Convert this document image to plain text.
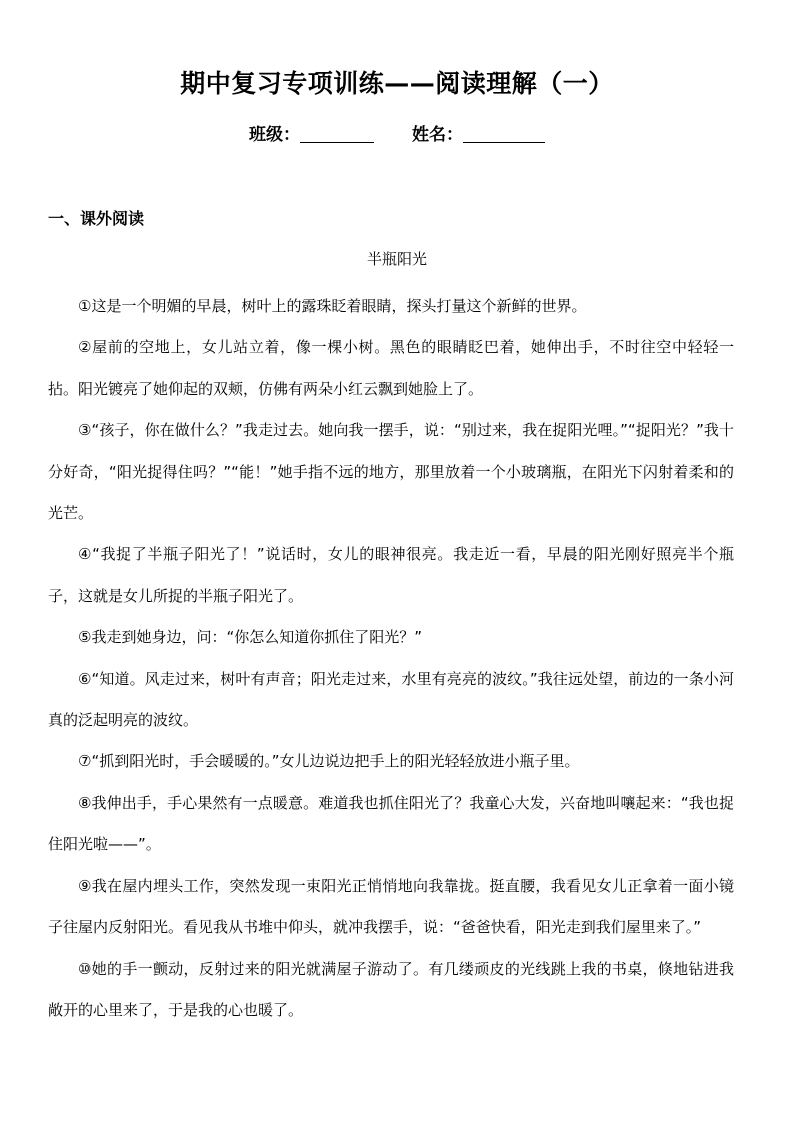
期中复习专项训练——阅读理解（一）
班级：	姓名：
一、课外阅读
半瓶阳光

①这是一个明媚的早晨，树叶上的露珠眨着眼睛，探头打量这个新鲜的世界。

②屋前的空地上，女儿站立着，像一棵小树。黑色的眼睛眨巴着，她伸出手，不时往空中轻轻一拈。阳光镀亮了她仰起的双颊，仿佛有两朵小红云飘到她脸上了。

③“孩子，你在做什么？”我走过去。她向我一摆手，说：“别过来，我在捉阳光哩。”“捉阳光？”我十分好奇，“阳光捉得住吗？”“能！”她手指不远的地方，那里放着一个小玻璃瓶，在阳光下闪射着柔和的光芒。

④“我捉了半瓶子阳光了！”说话时，女儿的眼神很亮。我走近一看，早晨的阳光刚好照亮半个瓶子，这就是女儿所捉的半瓶子阳光了。

⑤我走到她身边，问：“你怎么知道你抓住了阳光？”

⑥“知道。风走过来，树叶有声音；阳光走过来，水里有亮亮的波纹。”我往远处望，前边的一条小河真的泛起明亮的波纹。

⑦“抓到阳光时，手会暖暖的。”女儿边说边把手上的阳光轻轻放进小瓶子里。

⑧我伸出手，手心果然有一点暖意。难道我也抓住阳光了？我童心大发，兴奋地叫嚷起来：“我也捉住阳光啦——”。

⑨我在屋内埋头工作，突然发现一束阳光正悄悄地向我靠拢。挺直腰，我看见女儿正拿着一面小镜子往屋内反射阳光。看见我从书堆中仰头，就冲我摆手，说：“爸爸快看，阳光走到我们屋里来了。”

⑩她的手一颤动，反射过来的阳光就满屋子游动了。有几缕顽皮的光线跳上我的书桌，倏地钻进我敞开的心里来了，于是我的心也暖了。
